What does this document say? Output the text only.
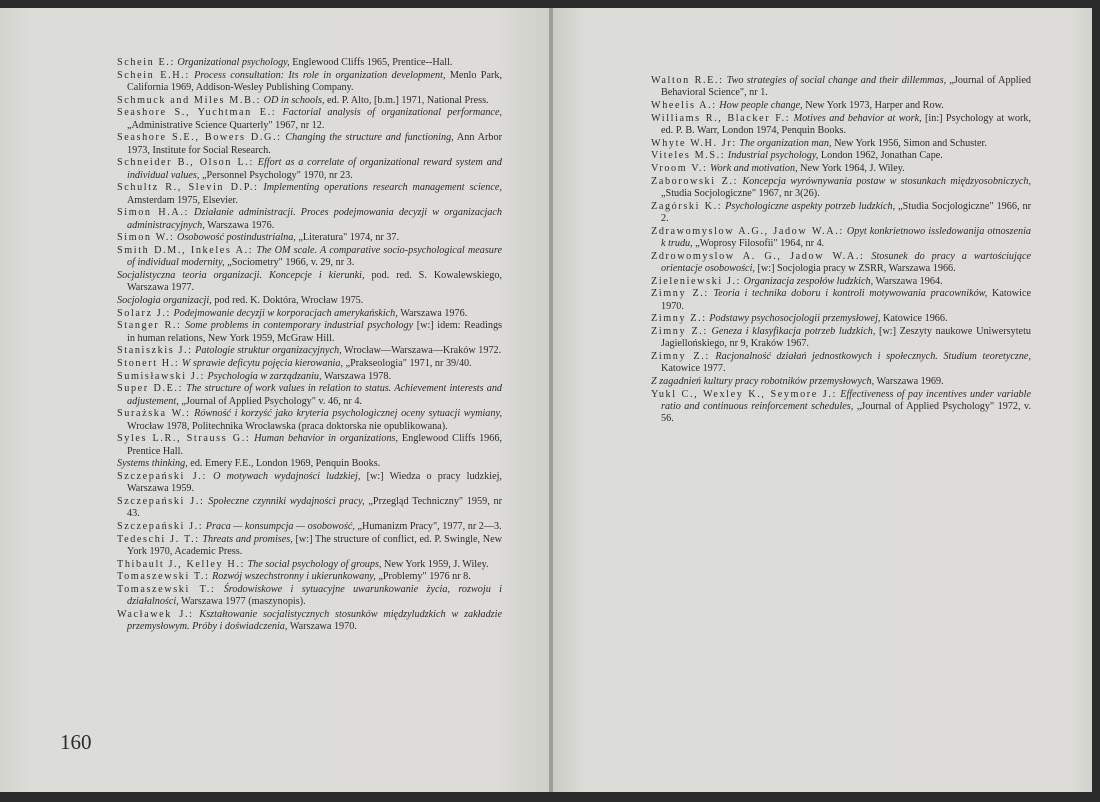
Schein E.: Organizational psychology, Englewood Cliffs 1965, Prentice--Hall.
Schein E.H.: Process consultation: Its role in organization development, Menlo Park, California 1969, Addison-Wesley Publishing Company.
Schmuck and Miles M.B.: OD in schools, ed. P. Alto, [b.m.] 1971, National Press.
Seashore S., Yuchtman E.: Factorial analysis of organizational performance, „Administrative Science Quarterly" 1967, nr 12.
Seashore S.E., Bowers D.G.: Changing the structure and functioning, Ann Arbor 1973, Institute for Social Research.
Schneider B., Olson L.: Effort as a correlate of organizational reward system and individual values, „Personnel Psychology" 1970, nr 23.
Schultz R., Slevin D.P.: Implementing operations research management science, Amsterdam 1975, Elsevier.
Simon H.A.: Działanie administracji. Proces podejmowania decyzji w organizacjach administracyjnych, Warszawa 1976.
Simon W.: Osobowość postindustrialna, „Literatura" 1974, nr 37.
Smith D.M., Inkeles A.: The OM scale. A comparative socio-psychological measure of individual modernity, „Sociometry" 1966, v. 29, nr 3.
Socjalistyczna teoria organizacji. Koncepcje i kierunki, pod. red. S. Kowalewskiego, Warszawa 1977.
Socjologia organizacji, pod red. K. Doktóra, Wrocław 1975.
Solarz J.: Podejmowanie decyzji w korporacjach amerykańskich, Warszawa 1976.
Stanger R.: Some problems in contemporary industrial psychology [w:] idem: Readings in human relations, New York 1959, McGraw Hill.
Staniszkis J.: Patologie struktur organizacyjnych, Wrocław—Warszawa—Kraków 1972.
Stonert H.: W sprawie deficytu pojęcia kierowania, „Prakseologia" 1971, nr 39/40.
Sumisławski J.: Psychologia w zarządzaniu, Warszawa 1978.
Super D.E.: The structure of work values in relation to status. Achievement interests and adjustement, „Journal of Applied Psychology" v. 46, nr 4.
Surażska W.: Równość i korzyść jako kryteria psychologicznej oceny sytuacji wymiany, Wrocław 1978, Politechnika Wrocławska (praca doktorska nie opublikowana).
Syles L.R., Strauss G.: Human behavior in organizations, Englewood Cliffs 1966, Prentice Hall.
Systems thinking, ed. Emery F.E., London 1969, Penquin Books.
Szczepański J.: O motywach wydajności ludzkiej, [w:] Wiedza o pracy ludzkiej, Warszawa 1959.
Szczepański J.: Społeczne czynniki wydajności pracy, „Przegląd Techniczny" 1959, nr 43.
Szczepański J.: Praca — konsumpcja — osobowość, „Humanizm Pracy", 1977, nr 2—3.
Tedeschi J. T.: Threats and promises, [w:] The structure of conflict, ed. P. Swingle, New York 1970, Academic Press.
Thibault J., Kelley H.: The social psychology of groups, New York 1959, J. Wiley.
Tomaszewski T.: Rozwój wszechstronny i ukierunkowany, „Problemy" 1976 nr 8.
Tomaszewski T.: Środowiskowe i sytuacyjne uwarunkowanie życia, rozwoju i działalności, Warszawa 1977 (maszynopis).
Wacławek J.: Kształtowanie socjalistycznych stosunków międzyludzkich w zakładzie przemysłowym. Próby i doświadczenia, Warszawa 1970.
160
Walton R.E.: Two strategies of social change and their dillemmas, „Journal of Applied Behavioral Science", nr 1.
Wheelis A.: How people change, New York 1973, Harper and Row.
Williams R., Blacker F.: Motives and behavior at work, [in:] Psychology at work, ed. P. B. Warr, London 1974, Penquin Books.
Whyte W.H. Jr: The organization man, New York 1956, Simon and Schuster.
Viteles M.S.: Industrial psychology, London 1962, Jonathan Cape.
Vroom V.: Work and motivation, New York 1964, J. Wiley.
Zaborowski Z.: Koncepcja wyrównywania postaw w stosunkach międzyosobniczych, „Studia Socjologiczne" 1967, nr 3(26).
Zagórski K.: Psychologiczne aspekty potrzeb ludzkich, „Studia Socjologiczne" 1966, nr 2.
Zdrawomyslow A.G., Jadow W.A.: Opyt konkrietnowo issledowanija otnoszenia k trudu, „Woprosy Filosofii" 1964, nr 4.
Zdrowomyslow A. G., Jadow W.A.: Stosunek do pracy a wartościujące orientacje osobowości, [w:] Socjologia pracy w ZSRR, Warszawa 1966.
Zieleniewski J.: Organizacja zespołów ludzkich, Warszawa 1964.
Zimny Z.: Teoria i technika doboru i kontroli motywowania pracowników, Katowice 1970.
Zimny Z.: Podstawy psychosocjologii przemysłowej, Katowice 1966.
Zimny Z.: Geneza i klasyfikacja potrzeb ludzkich, [w:] Zeszyty naukowe Uniwersytetu Jagiellońskiego, nr 9, Kraków 1967.
Zimny Z.: Racjonalność działań jednostkowych i społecznych. Studium teoretyczne, Katowice 1977.
Z zagadnień kultury pracy robotników przemysłowych, Warszawa 1969.
Yukl C., Wexley K., Seymore J.: Effectiveness of pay incentives under variable ratio and continuous reinforcement schedules, „Journal of Applied Psychology" 1972, v. 56.
